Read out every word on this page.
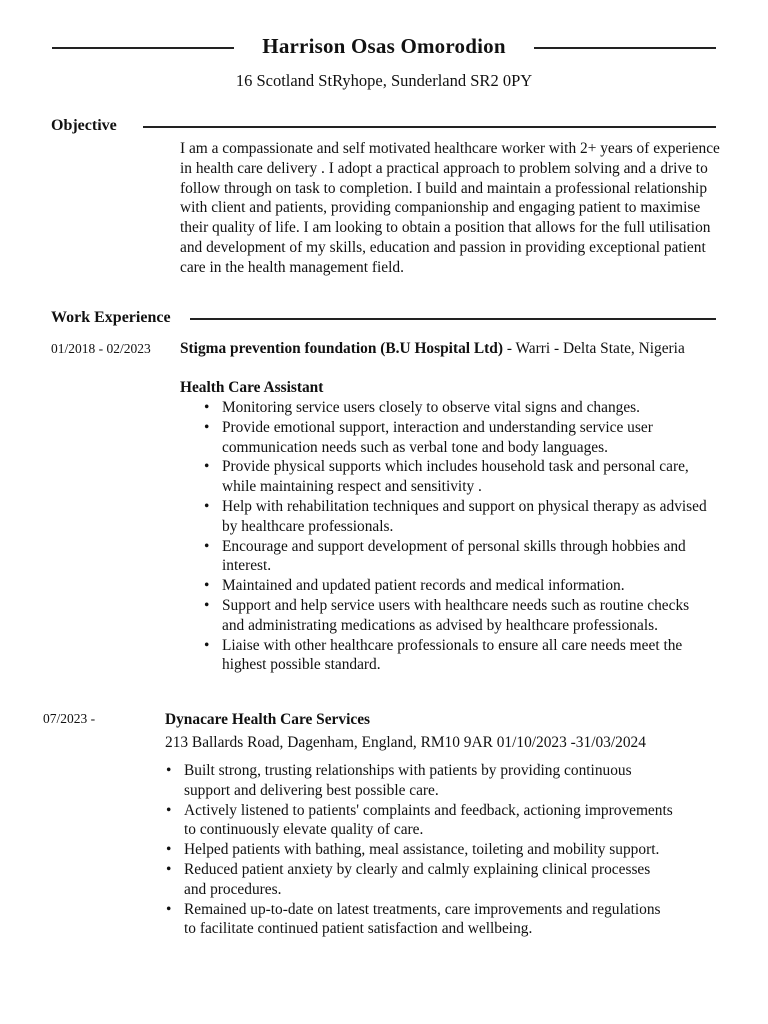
Harrison Osas Omorodion
16 Scotland StRyhope, Sunderland SR2 0PY
Objective
I am a compassionate and self motivated healthcare worker with 2+ years of experience in health care delivery . I adopt a practical approach to problem solving and a drive to follow through on task to completion. I build and maintain a professional relationship with client and patients, providing companionship and engaging patient to maximise their quality of life. I am looking to obtain a position that allows for the full utilisation and development of my skills, education and passion in providing exceptional patient care in the health management field.
Work Experience
01/2018 - 02/2023 Stigma prevention foundation (B.U Hospital Ltd) - Warri - Delta State, Nigeria
Health Care Assistant
• Monitoring service users closely to observe vital signs and changes.
• Provide emotional support, interaction and understanding service user communication needs such as verbal tone and body languages.
• Provide physical supports which includes household task and personal care, while maintaining respect and sensitivity .
• Help with rehabilitation techniques and support on physical therapy as advised by healthcare professionals.
• Encourage and support development of personal skills through hobbies and interest.
• Maintained and updated patient records and medical information.
• Support and help service users with healthcare needs such as routine checks and administrating medications as advised by healthcare professionals.
• Liaise with other healthcare professionals to ensure all care needs meet the highest possible standard.
07/2023 -	Dynacare Health Care Services
213 Ballards Road, Dagenham, England, RM10 9AR 01/10/2023 -31/03/2024
• Built strong, trusting relationships with patients by providing continuous support and delivering best possible care.
• Actively listened to patients' complaints and feedback, actioning improvements to continuously elevate quality of care.
• Helped patients with bathing, meal assistance, toileting and mobility support.
• Reduced patient anxiety by clearly and calmly explaining clinical processes and procedures.
• Remained up-to-date on latest treatments, care improvements and regulations to facilitate continued patient satisfaction and wellbeing.
